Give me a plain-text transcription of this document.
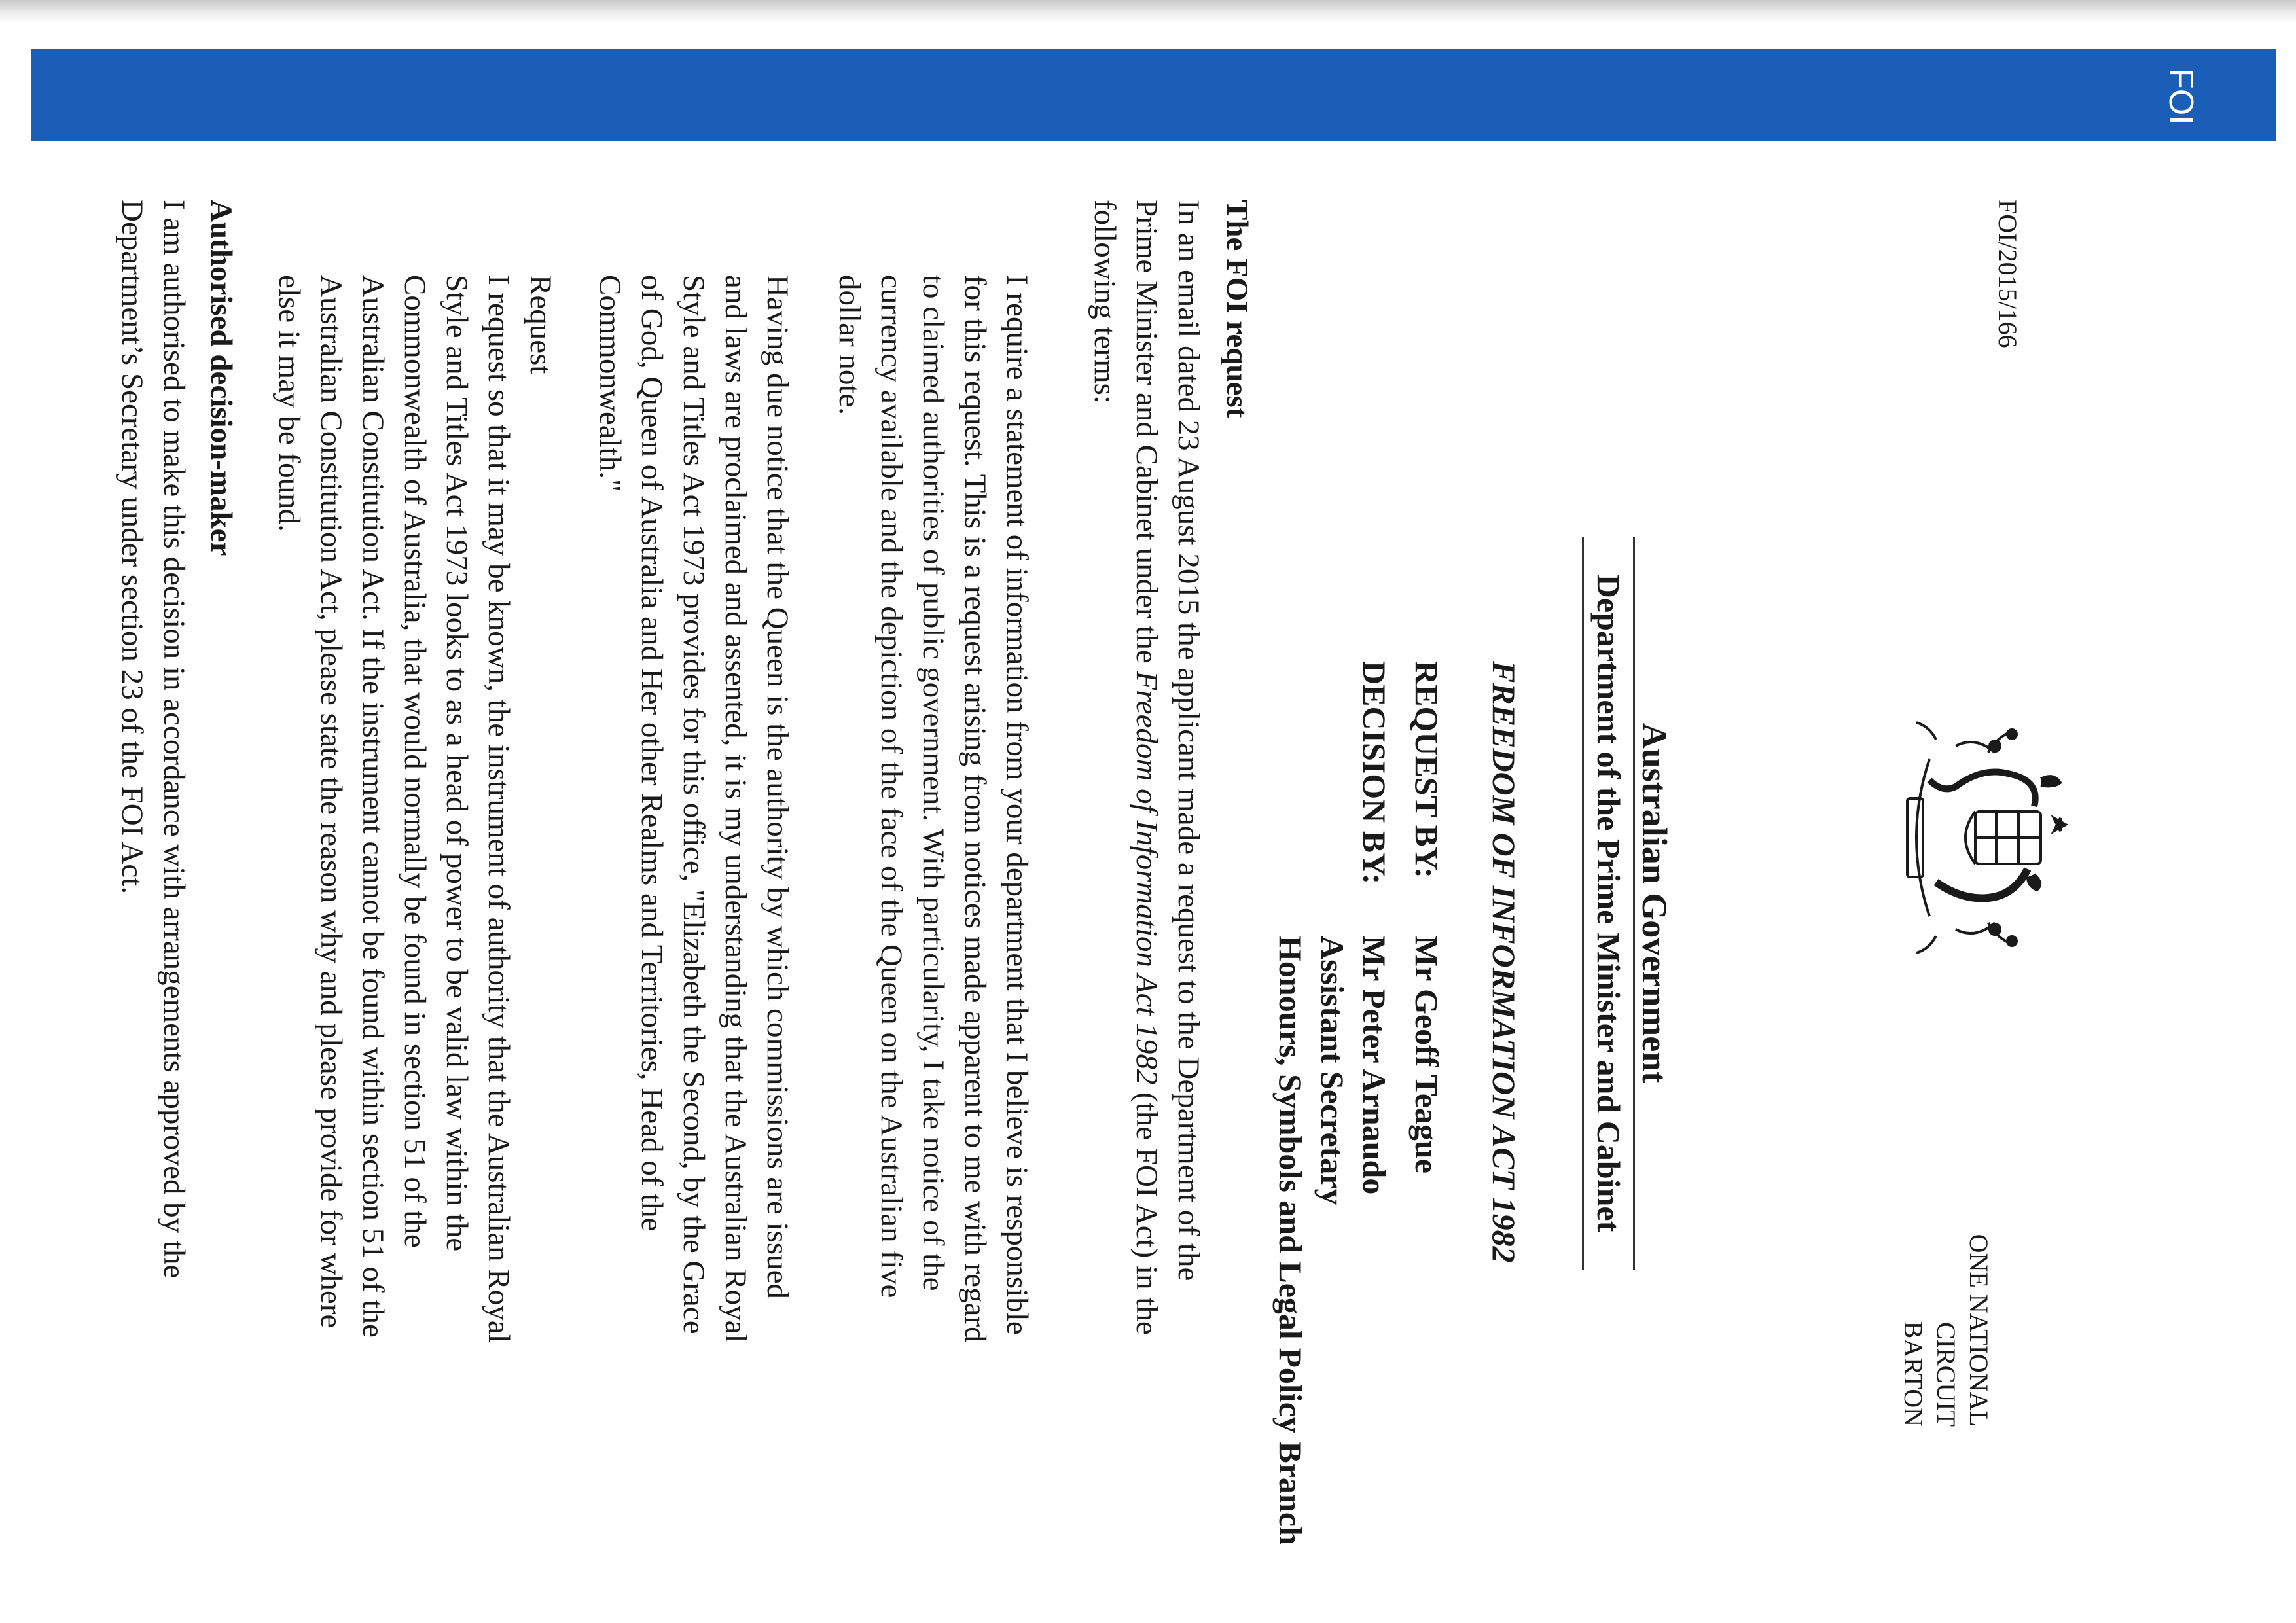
FOI
FOI/2015/166
ONE NATIONAL CIRCUIT
BARTON
Australian Government
Department of the Prime Minister and Cabinet
FREEDOM OF INFORMATION ACT 1982
REQUEST BY:
Mr Geoff Teague
DECISION BY:
Mr Peter Arnaudo
Assistant Secretary
Honours, Symbols and Legal Policy Branch
The FOI request
In an email dated 23 August 2015 the applicant made a request to the Department of the
Prime Minister and Cabinet under the Freedom of Information Act 1982 (the FOI Act) in the
following terms:
I require a statement of information from your department that I believe is responsible
for this request. This is a request arising from notices made apparent to me with regard
to claimed authorities of public government. With particularity, I take notice of the
currency available and the depiction of the face of the Queen on the Australian five
dollar note.
Having due notice that the Queen is the authority by which commissions are issued
and laws are proclaimed and assented, it is my understanding that the Australian Royal
Style and Titles Act 1973 provides for this office, "Elizabeth the Second, by the Grace
of God, Queen of Australia and Her other Realms and Territories, Head of the
Commonwealth."
Request
I request so that it may be known, the instrument of authority that the Australian Royal
Style and Titles Act 1973 looks to as a head of power to be valid law within the
Commonwealth of Australia, that would normally be found in section 51 of the
Australian Constitution Act. If the instrument cannot be found within section 51 of the
Australian Constitution Act, please state the reason why and please provide for where
else it may be found.
Authorised decision-maker
I am authorised to make this decision in accordance with arrangements approved by the
Department’s Secretary under section 23 of the FOI Act.
